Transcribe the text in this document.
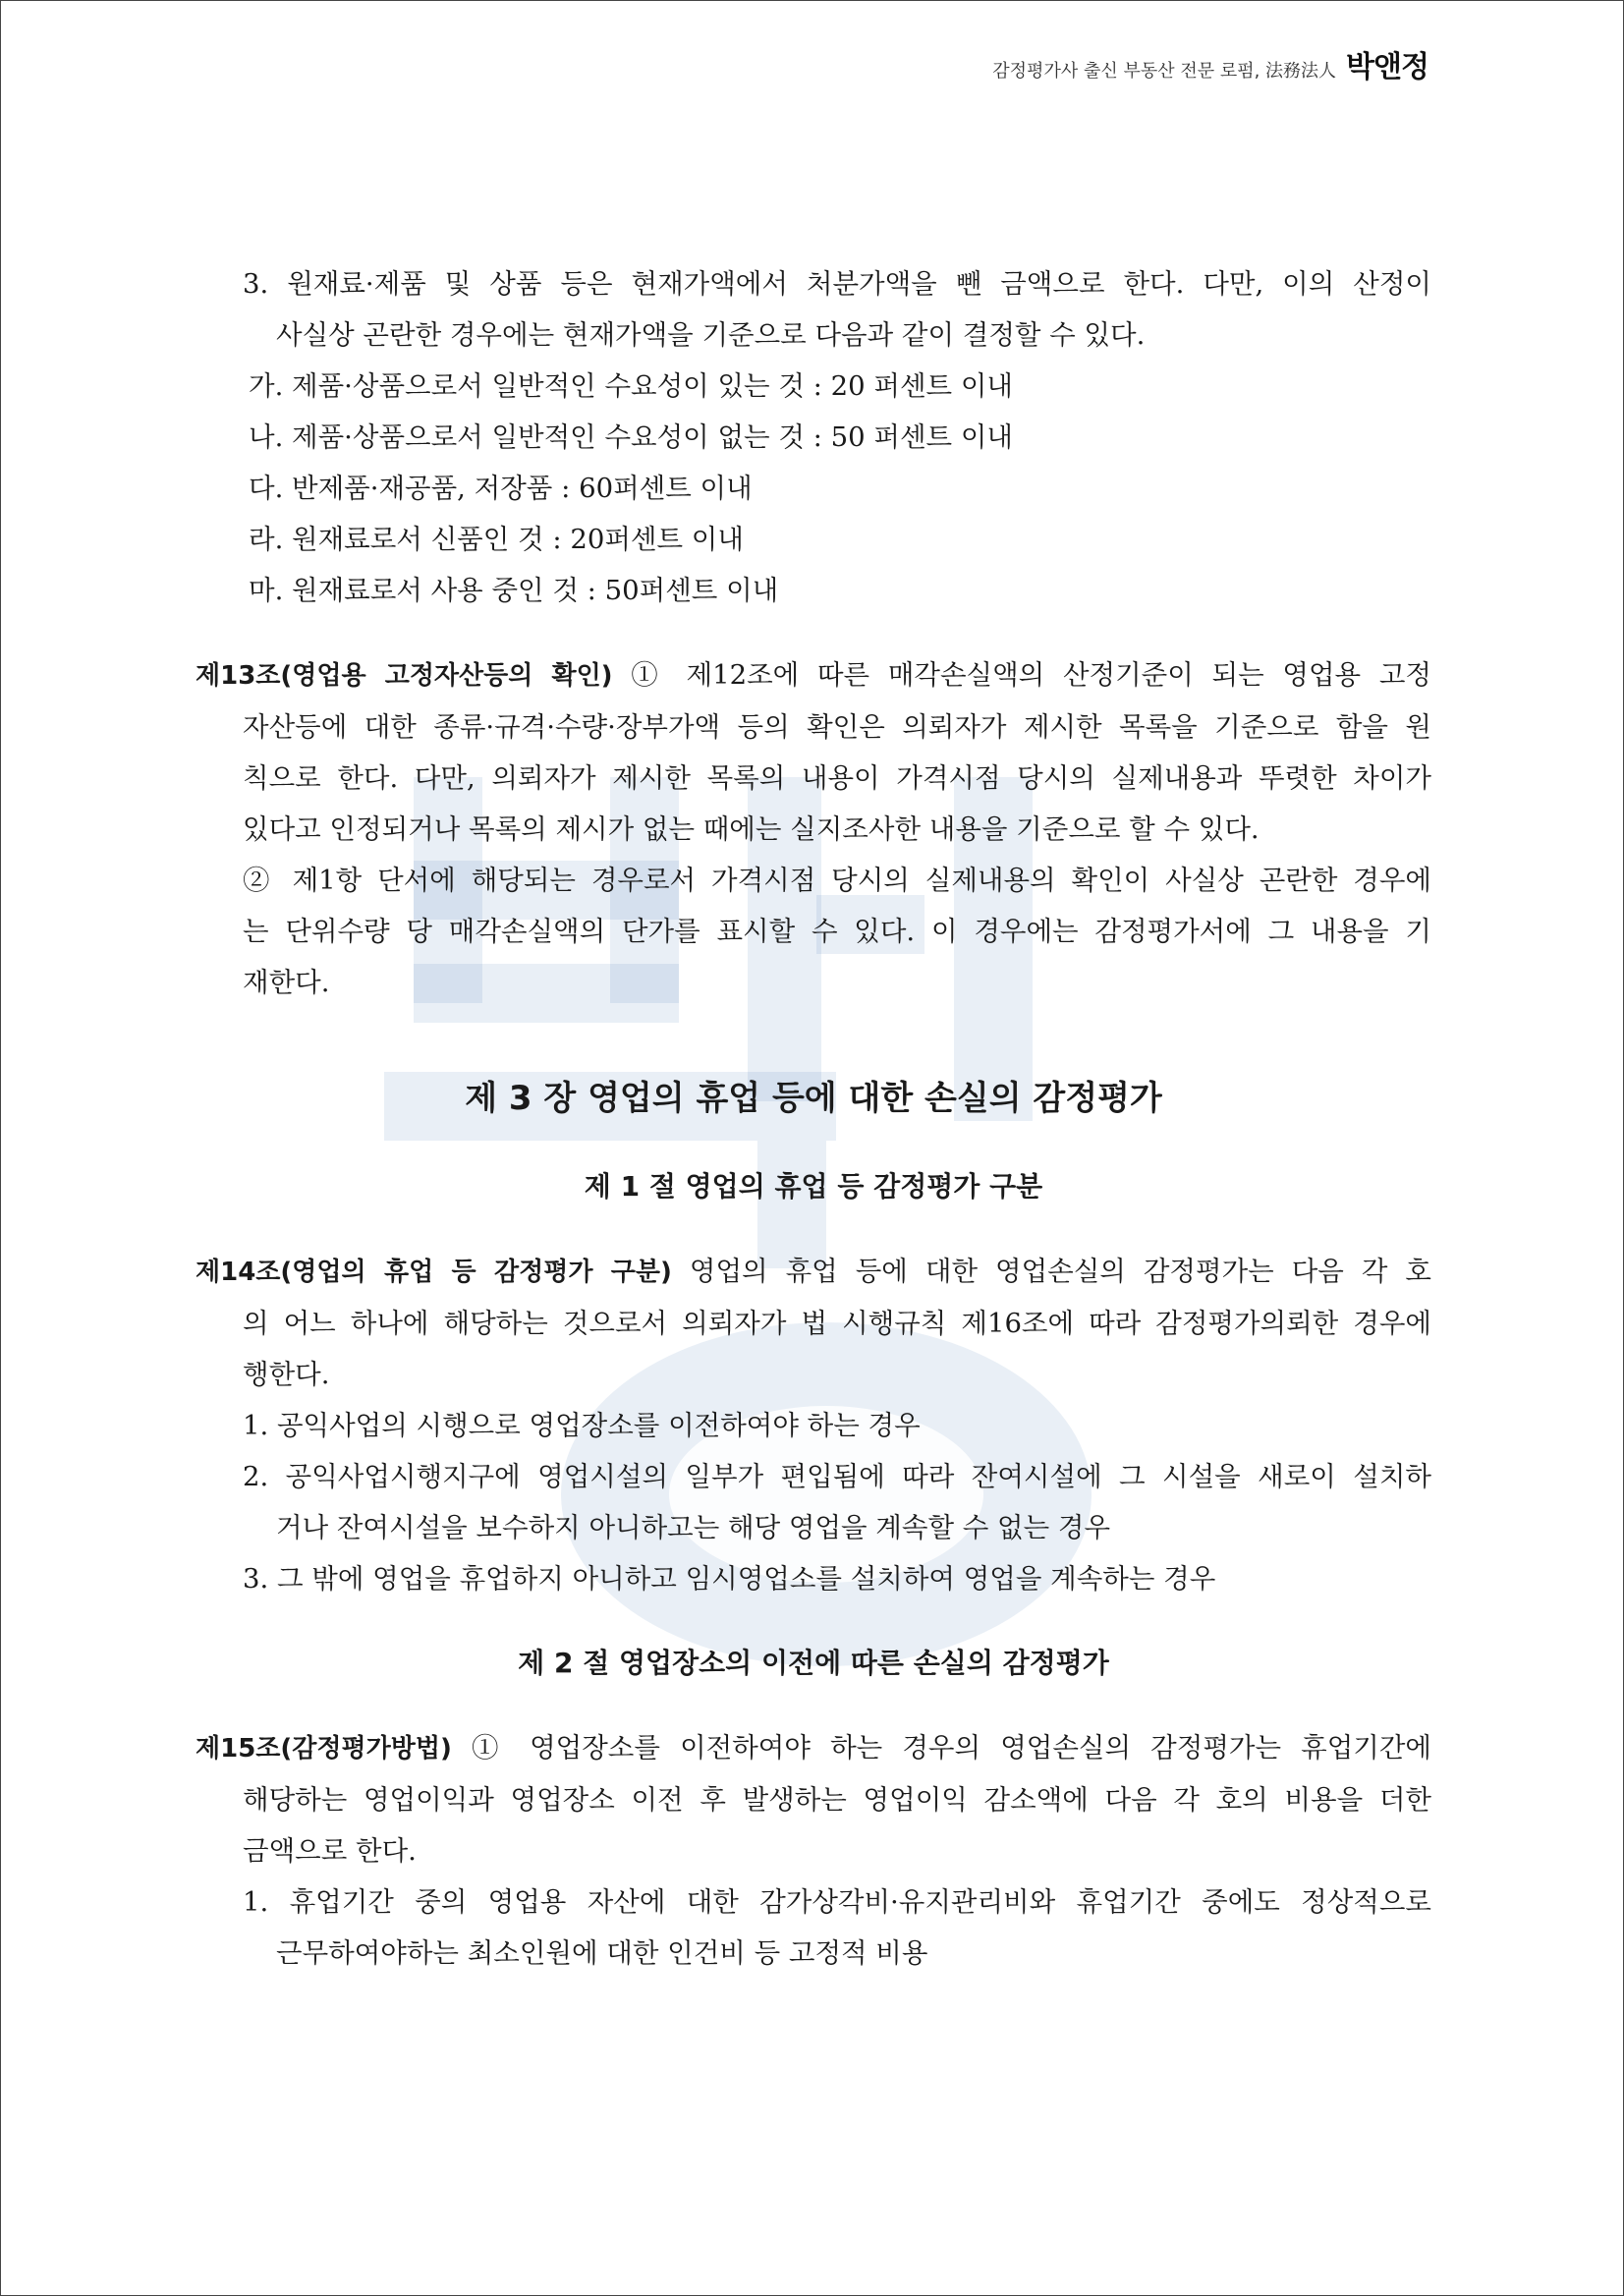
감정평가사 출신 부동산 전문 로펌, 法務法人 박앤정
3. 원재료·제품 및 상품 등은 현재가액에서 처분가액을 뺀 금액으로 한다. 다만, 이의 산정이
사실상 곤란한 경우에는 현재가액을 기준으로 다음과 같이 결정할 수 있다.
가. 제품·상품으로서 일반적인 수요성이 있는 것 : 20 퍼센트 이내
나. 제품·상품으로서 일반적인 수요성이 없는 것 : 50 퍼센트 이내
다. 반제품·재공품, 저장품 : 60퍼센트 이내
라. 원재료로서 신품인 것 : 20퍼센트 이내
마. 원재료로서 사용 중인 것 : 50퍼센트 이내
제13조(영업용 고정자산등의 확인) ① 제12조에 따른 매각손실액의 산정기준이 되는 영업용 고정
자산등에 대한 종류·규격·수량·장부가액 등의 확인은 의뢰자가 제시한 목록을 기준으로 함을 원
칙으로 한다. 다만, 의뢰자가 제시한 목록의 내용이 가격시점 당시의 실제내용과 뚜렷한 차이가
있다고 인정되거나 목록의 제시가 없는 때에는 실지조사한 내용을 기준으로 할 수 있다.
② 제1항 단서에 해당되는 경우로서 가격시점 당시의 실제내용의 확인이 사실상 곤란한 경우에
는 단위수량 당 매각손실액의 단가를 표시할 수 있다. 이 경우에는 감정평가서에 그 내용을 기
재한다.
제 3 장 영업의 휴업 등에 대한 손실의 감정평가
제 1 절 영업의 휴업 등 감정평가 구분
제14조(영업의 휴업 등 감정평가 구분) 영업의 휴업 등에 대한 영업손실의 감정평가는 다음 각 호
의 어느 하나에 해당하는 것으로서 의뢰자가 법 시행규칙 제16조에 따라 감정평가의뢰한 경우에
행한다.
1. 공익사업의 시행으로 영업장소를 이전하여야 하는 경우
2. 공익사업시행지구에 영업시설의 일부가 편입됨에 따라 잔여시설에 그 시설을 새로이 설치하
거나 잔여시설을 보수하지 아니하고는 해당 영업을 계속할 수 없는 경우
3. 그 밖에 영업을 휴업하지 아니하고 임시영업소를 설치하여 영업을 계속하는 경우
제 2 절 영업장소의 이전에 따른 손실의 감정평가
제15조(감정평가방법) ① 영업장소를 이전하여야 하는 경우의 영업손실의 감정평가는 휴업기간에
해당하는 영업이익과 영업장소 이전 후 발생하는 영업이익 감소액에 다음 각 호의 비용을 더한
금액으로 한다.
1. 휴업기간 중의 영업용 자산에 대한 감가상각비·유지관리비와 휴업기간 중에도 정상적으로
근무하여야하는 최소인원에 대한 인건비 등 고정적 비용
